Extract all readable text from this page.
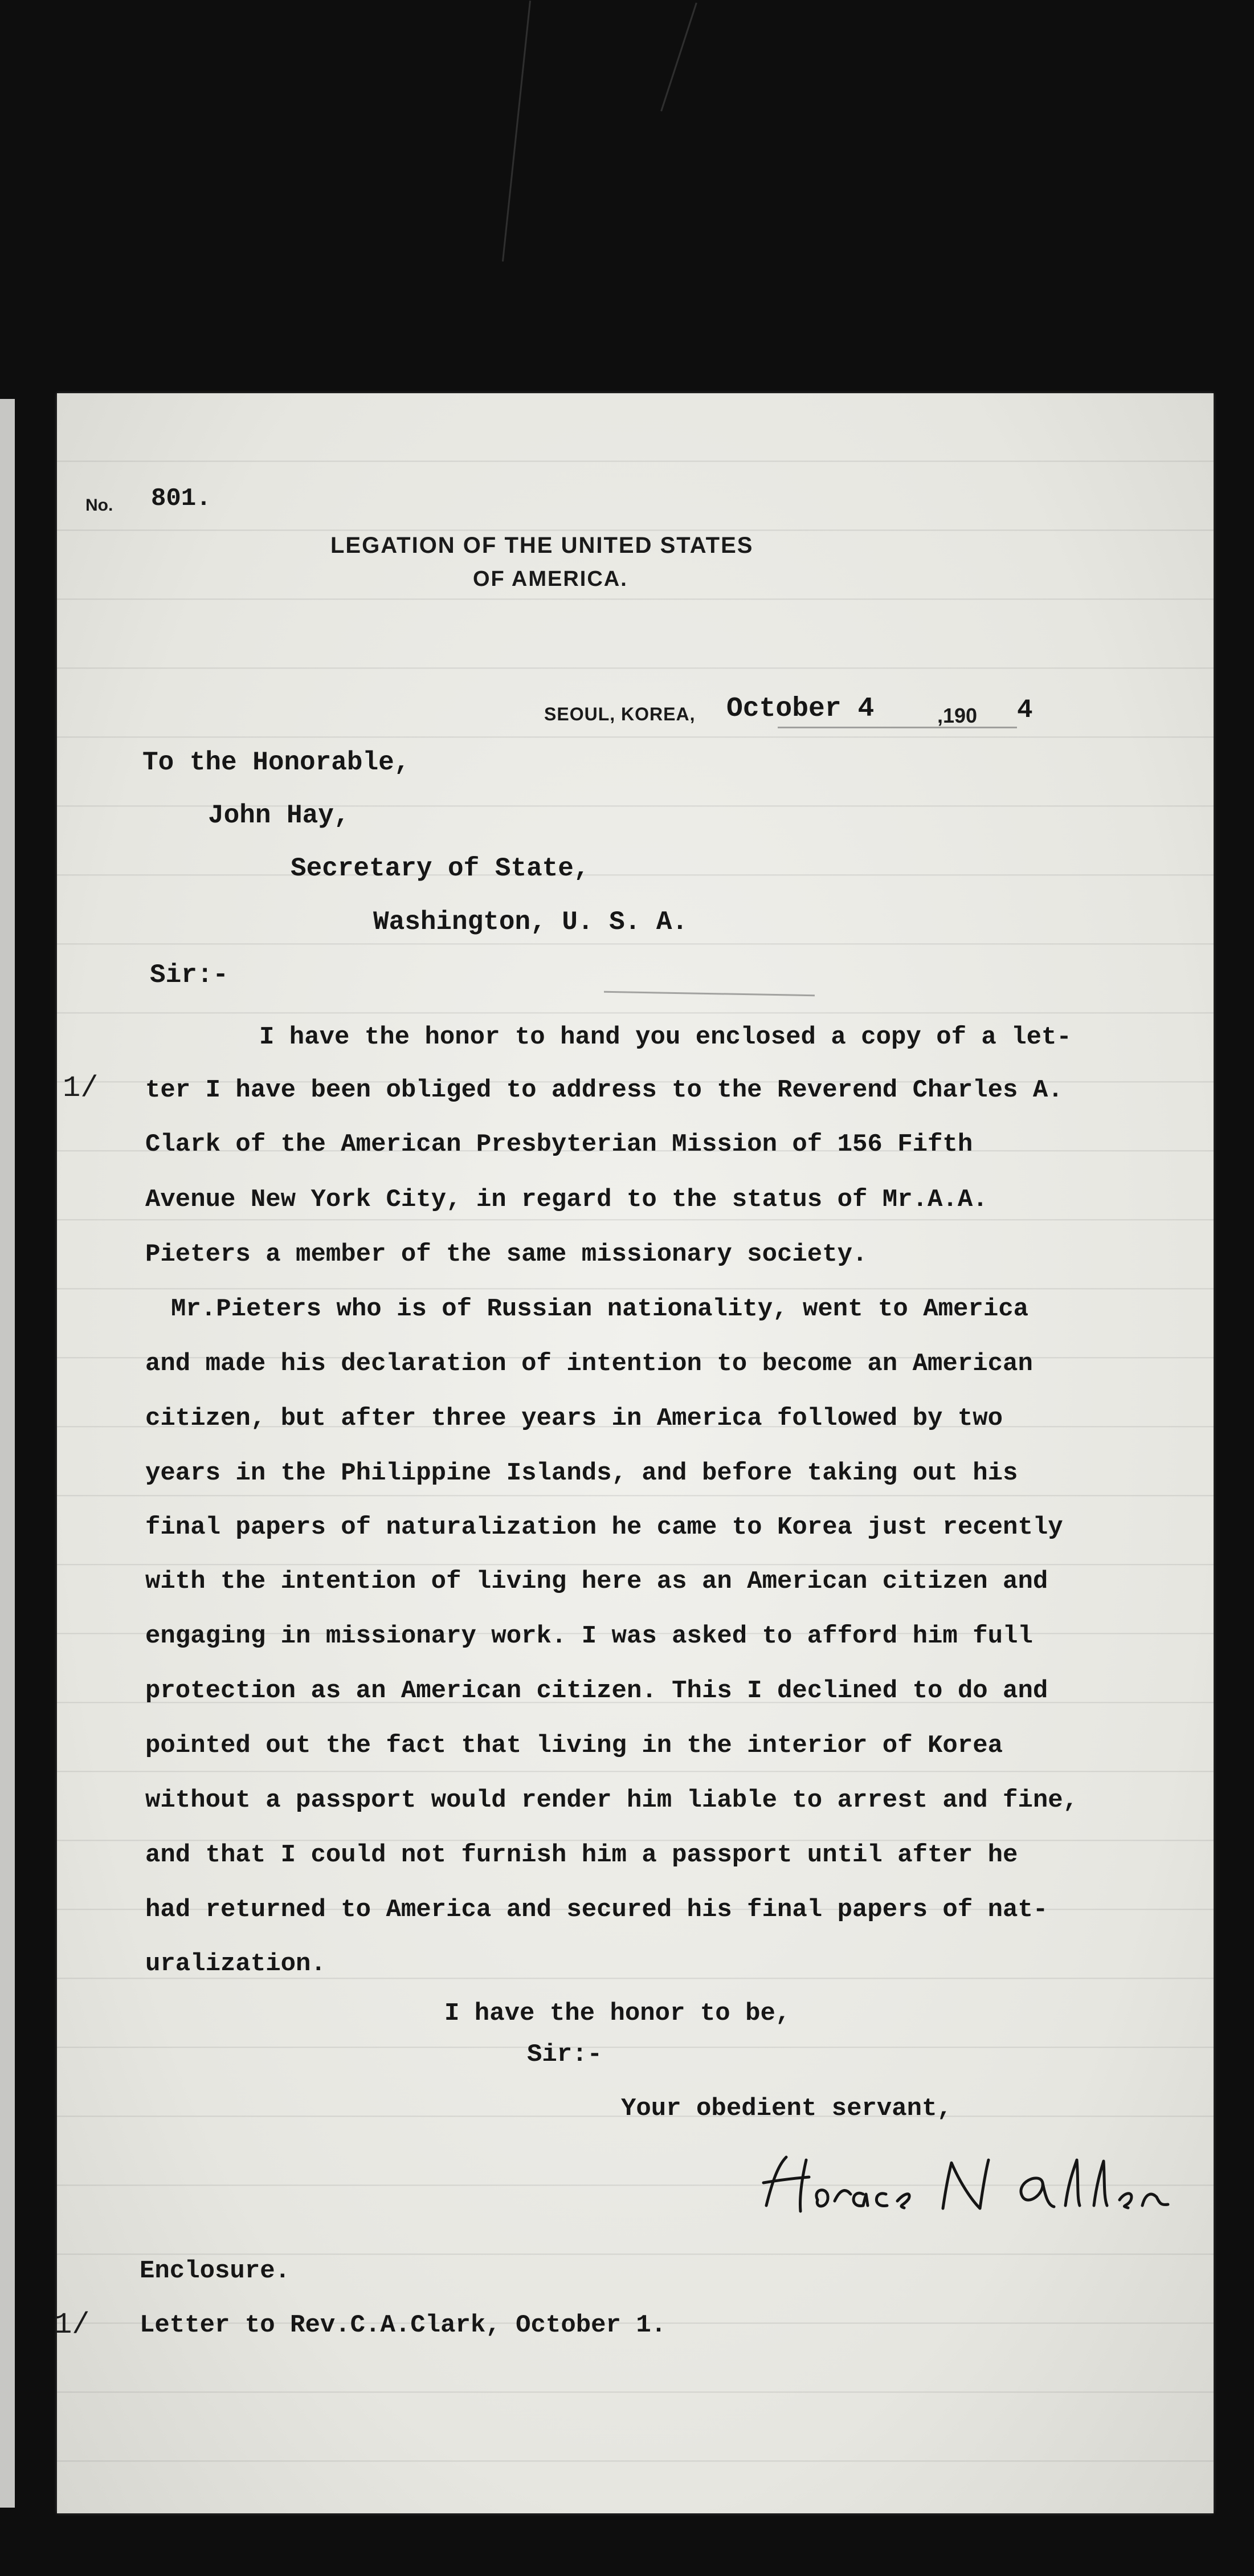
No. 801.

LEGATION OF THE UNITED STATES

OF AMERICA.

SEOUL, KOREA, October 4	,190 4

To the Honorable,

John Hay,

Secretary of State,

Washington, U. S. A.

Sir:-

I have the honor to hand you enclosed a copy of a let-

ter I have been obliged to address to the Reverend Charles A.

Clark of the American Presbyterian Mission of 156 Fifth

Avenue New York City, in regard to the status of Mr.A.A.

Pieters a member of the same missionary society.

Mr.Pieters who is of Russian nationality, went to America

and made his declaration of intention to become an American

citizen, but after three years in America followed by two

years in the Philippine Islands, and before taking out his

final papers of naturalization he came to Korea just recently

with the intention of living here as an American citizen and

engaging in missionary work. I was asked to afford him full

protection as an American citizen. This I declined to do and

pointed out the fact that living in the interior of Korea

without a passport would render him liable to arrest and fine,

and that I could not furnish him a passport until after he

had returned to America and secured his final papers of nat-

uralization.

I have the honor to be,

Sir:-

Your obedient servant,

Enclosure.

Letter to Rev.C.A.Clark, October 1.

1/

1/
